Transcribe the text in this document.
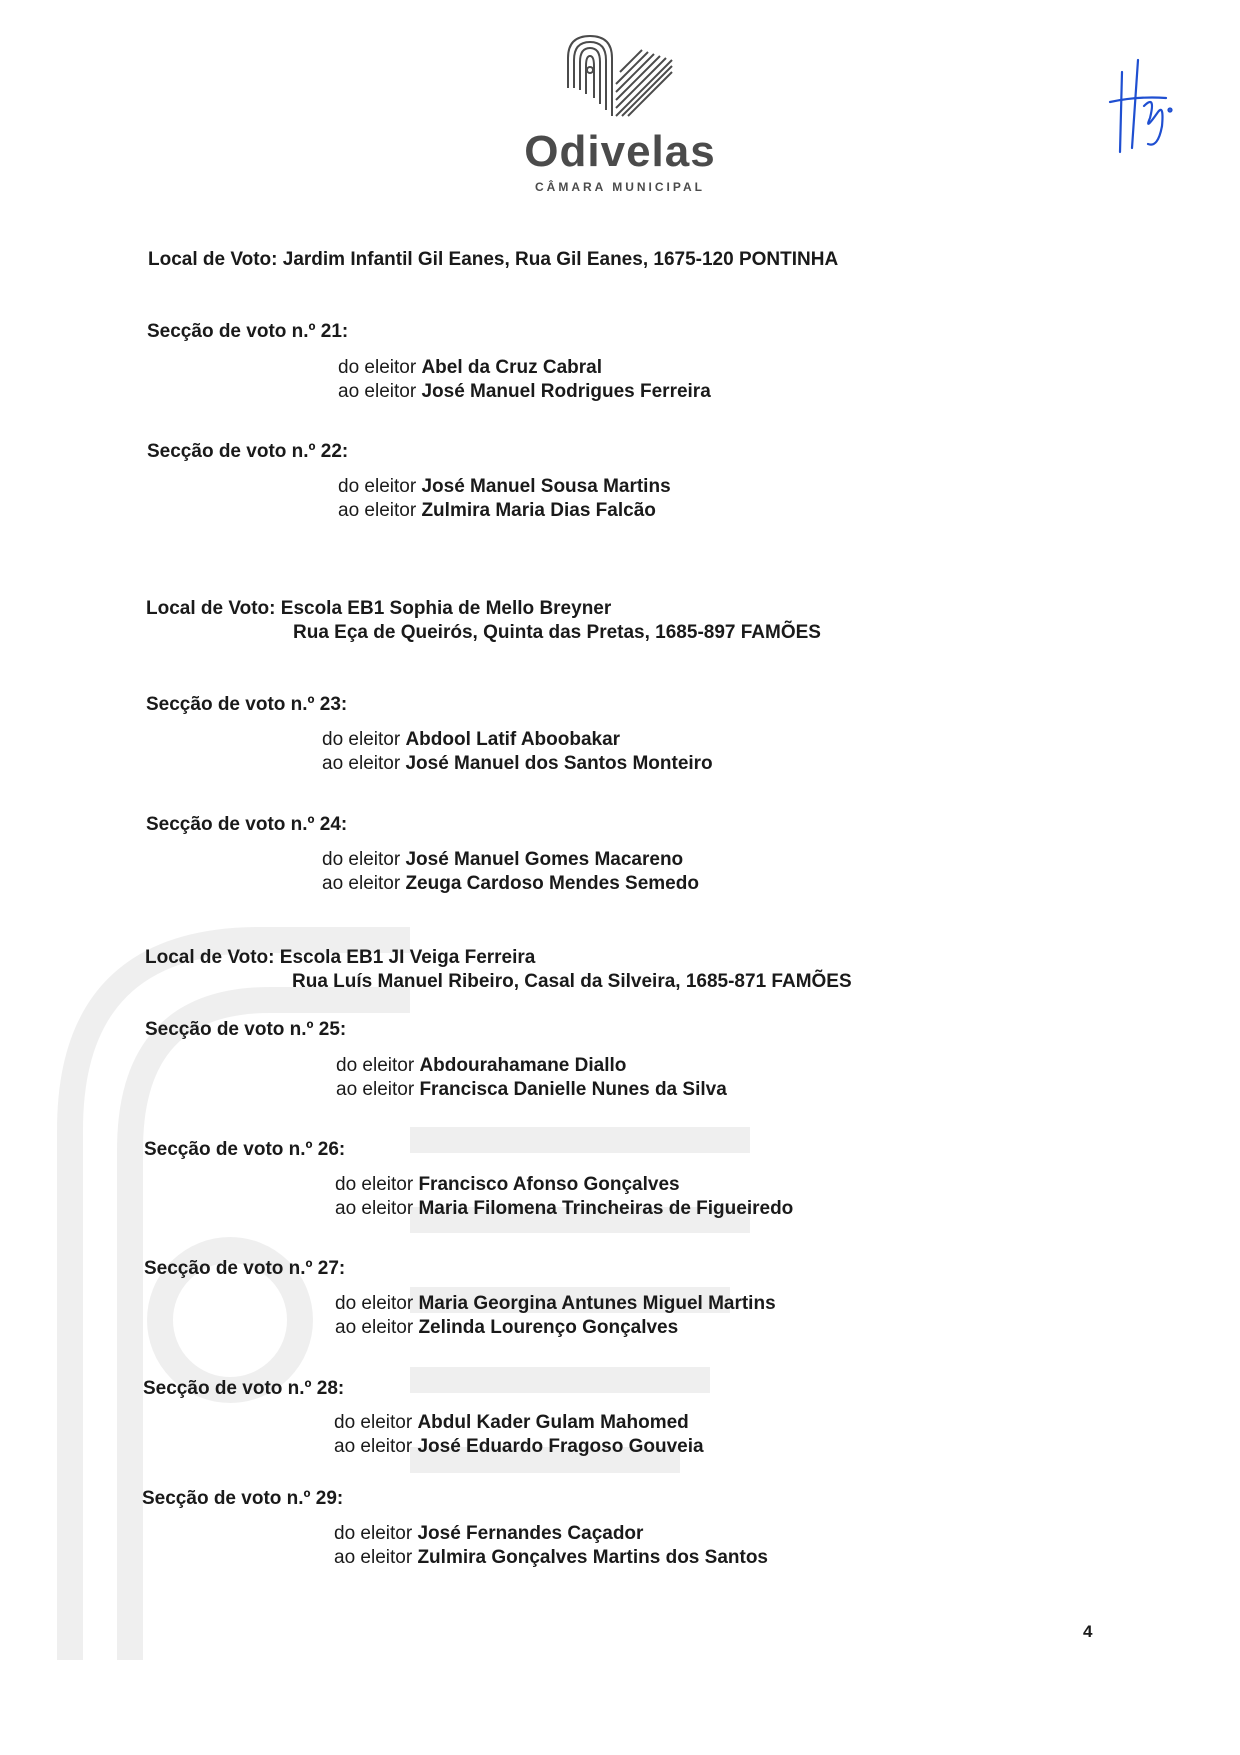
Odivelas
CÂMARA MUNICIPAL
Local de Voto: Jardim Infantil Gil Eanes, Rua Gil Eanes, 1675-120 PONTINHA
Secção de voto n.º 21:
do eleitor Abel da Cruz Cabral
ao eleitor José Manuel Rodrigues Ferreira
Secção de voto n.º 22:
do eleitor José Manuel Sousa Martins
ao eleitor Zulmira Maria Dias Falcão
Local de Voto: Escola EB1 Sophia de Mello Breyner
Rua Eça de Queirós, Quinta das Pretas, 1685-897 FAMÕES
Secção de voto n.º 23:
do eleitor Abdool Latif Aboobakar
ao eleitor José Manuel dos Santos Monteiro
Secção de voto n.º 24:
do eleitor José Manuel Gomes Macareno
ao eleitor Zeuga Cardoso Mendes Semedo
Local de Voto: Escola EB1 JI Veiga Ferreira
Rua Luís Manuel Ribeiro, Casal da Silveira, 1685-871 FAMÕES
Secção de voto n.º 25:
do eleitor Abdourahamane Diallo
ao eleitor Francisca Danielle Nunes da Silva
Secção de voto n.º 26:
do eleitor Francisco Afonso Gonçalves
ao eleitor Maria Filomena Trincheiras de Figueiredo
Secção de voto n.º 27:
do eleitor Maria Georgina Antunes Miguel Martins
ao eleitor Zelinda Lourenço Gonçalves
Secção de voto n.º 28:
do eleitor Abdul Kader Gulam Mahomed
ao eleitor José Eduardo Fragoso Gouveia
Secção de voto n.º 29:
do eleitor José Fernandes Caçador
ao eleitor Zulmira Gonçalves Martins dos Santos
4
